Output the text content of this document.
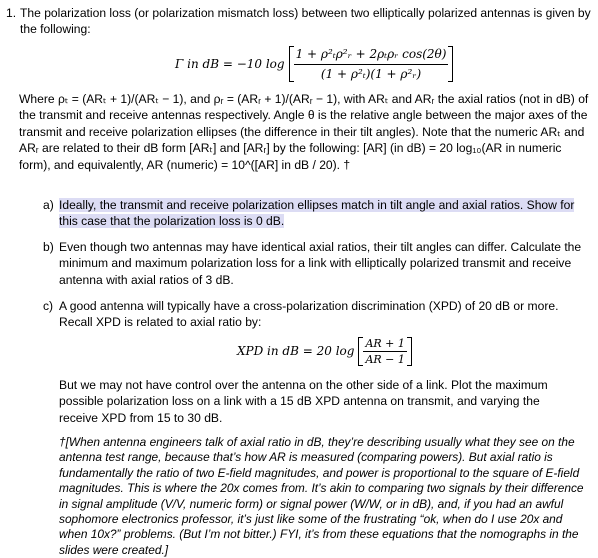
1. The polarization loss (or polarization mismatch loss) between two elliptically polarized antennas is given by the following:
Γ in dB = −10 $\log \frac{\text{1 + ρ²ₜρ²ᵣ + 2ρₜρᵣ cos(2θ)}}{\text{(1 + ρ²ₜ)(1 + ρ²ᵣ)}}$
Where ρₜ = (ARₜ + 1)/(ARₜ − 1), and ρᵣ = (ARᵣ + 1)/(ARᵣ − 1), with ARₜ and ARᵣ the axial ratios (not in dB) of the transmit and receive antennas respectively. Angle θ is the relative angle between the major axes of the transmit and receive polarization ellipses (the difference in their tilt angles). Note that the numeric ARₜ and ARᵣ are related to their dB form [ARₜ] and [ARᵣ] by the following: [AR] (in dB) = 20 log₁₀(AR in numeric form), and equivalently, AR (numeric) = 10^([AR] in dB / 20). †
a) Ideally, the transmit and receive polarization ellipses match in tilt angle and axial ratios. Show for this case that the polarization loss is 0 dB.
b) Even though two antennas may have identical axial ratios, their tilt angles can differ. Calculate the minimum and maximum polarization loss for a link with elliptically polarized transmit and receive antenna with axial ratios of 3 dB.
c) A good antenna will typically have a cross-polarization discrimination (XPD) of 20 dB or more. Recall XPD is related to axial ratio by:
XPD in dB = 20 $\log \frac{AR + 1}{AR - 1}$
But we may not have control over the antenna on the other side of a link. Plot the maximum possible polarization loss on a link with a 15 dB XPD antenna on transmit, and varying the receive XPD from 15 to 30 dB.
†[When antenna engineers talk of axial ratio in dB, they’re describing usually what they see on the antenna test range, because that’s how AR is measured (comparing powers). But axial ratio is fundamentally the ratio of two E-field magnitudes, and power is proportional to the square of E-field magnitudes. This is where the 20x comes from. It’s akin to comparing two signals by their difference in signal amplitude (V/V, numeric form) or signal power (W/W, or in dB), and, if you had an awful sophomore electronics professor, it’s just like some of the frustrating “ok, when do I use 20x and when 10x?” problems. (But I’m not bitter.) FYI, it’s from these equations that the nomographs in the slides were created.]
